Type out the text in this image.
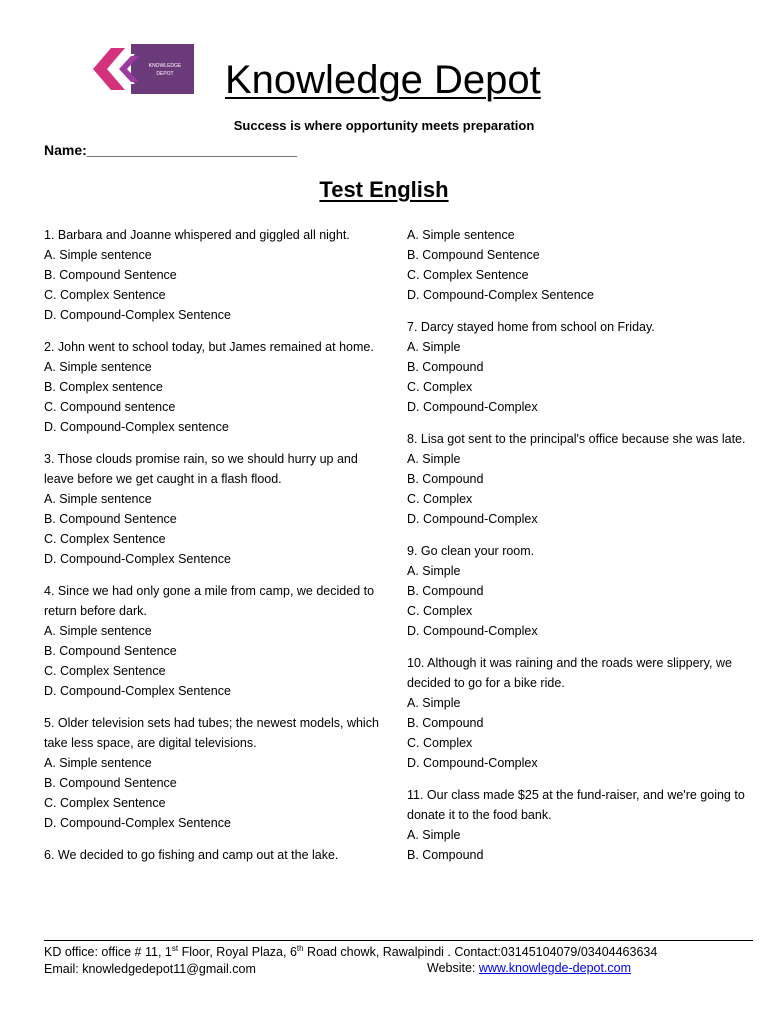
KNOWLEDGE
DEPOT Knowledge Depot
Success is where opportunity meets preparation
Name:___________________________
Test English
1. Barbara and Joanne whispered and giggled all night.
A. Simple sentence
B. Compound Sentence
C. Complex Sentence
D. Compound-Complex Sentence
2. John went to school today, but James remained at home.
A. Simple sentence
B. Complex sentence
C. Compound sentence
D. Compound-Complex sentence
3. Those clouds promise rain, so we should hurry up and leave before we get caught in a flash flood.
A. Simple sentence
B. Compound Sentence
C. Complex Sentence
D. Compound-Complex Sentence
4. Since we had only gone a mile from camp, we decided to return before dark.
A. Simple sentence
B. Compound Sentence
C. Complex Sentence
D. Compound-Complex Sentence
5. Older television sets had tubes; the newest models, which take less space, are digital televisions.
A. Simple sentence
B. Compound Sentence
C. Complex Sentence
D. Compound-Complex Sentence
6. We decided to go fishing and camp out at the lake.
A. Simple sentence
B. Compound Sentence
C. Complex Sentence
D. Compound-Complex Sentence
7. Darcy stayed home from school on Friday.
A. Simple
B. Compound
C. Complex
D. Compound-Complex
8. Lisa got sent to the principal's office because she was late.
A. Simple
B. Compound
C. Complex
D. Compound-Complex
9. Go clean your room.
A. Simple
B. Compound
C. Complex
D. Compound-Complex
10. Although it was raining and the roads were slippery, we decided to go for a bike ride.
A. Simple
B. Compound
C. Complex
D. Compound-Complex
11. Our class made $25 at the fund-raiser, and we're going to donate it to the food bank.
A. Simple
B. Compound
KD office: office # 11, 1st Floor, Royal Plaza, 6th Road chowk, Rawalpindi . Contact:03145104079/03404463634
Email: knowledgedepot11@gmail.com	Website: www.knowlegde-depot.com
